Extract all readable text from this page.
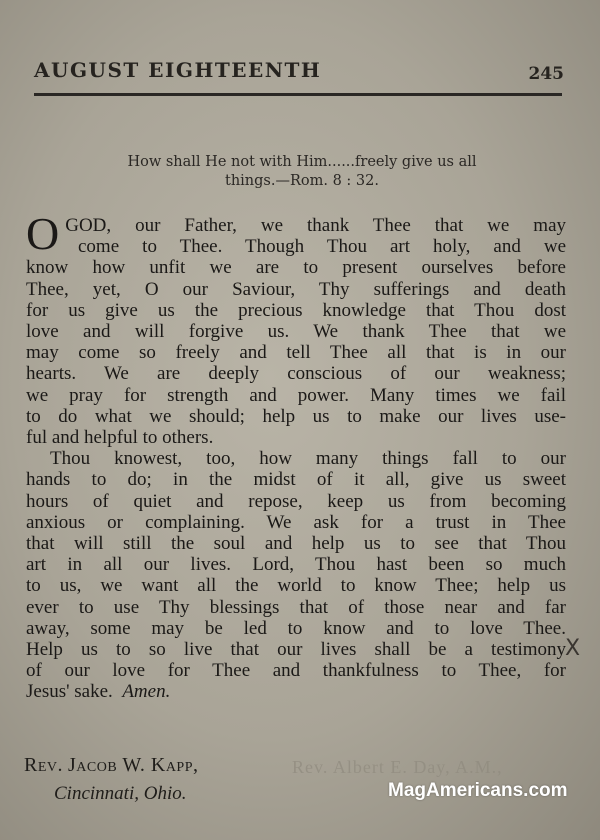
AUGUST EIGHTEENTH	245
How shall He not with Him......freely give us all
things.—Rom. 8 : 32.
O GOD, our Father, we thank Thee that we may
come to Thee. Though Thou art holy, and we
know how unfit we are to present ourselves before
Thee, yet, O our Saviour, Thy sufferings and death
for us give us the precious knowledge that Thou dost
love and will forgive us. We thank Thee that we
may come so freely and tell Thee all that is in our
hearts. We are deeply conscious of our weakness;
we pray for strength and power. Many times we fail
to do what we should; help us to make our lives use-
ful and helpful to others.
Thou knowest, too, how many things fall to our
hands to do; in the midst of it all, give us sweet
hours of quiet and repose, keep us from becoming
anxious or complaining. We ask for a trust in Thee
that will still the soul and help us to see that Thou
art in all our lives. Lord, Thou hast been so much
to us, we want all the world to know Thee; help us
ever to use Thy blessings that of those near and far
away, some may be led to know and to love Thee.
Help us to so live that our lives shall be a testimony
of our love for Thee and thankfulness to Thee, for
Jesus' sake. Amen.
X
Rev. Albert E. Day, A.M.,
Rev. Jacob W. Kapp,
Cincinnati, Ohio.	MagAmericans.com
